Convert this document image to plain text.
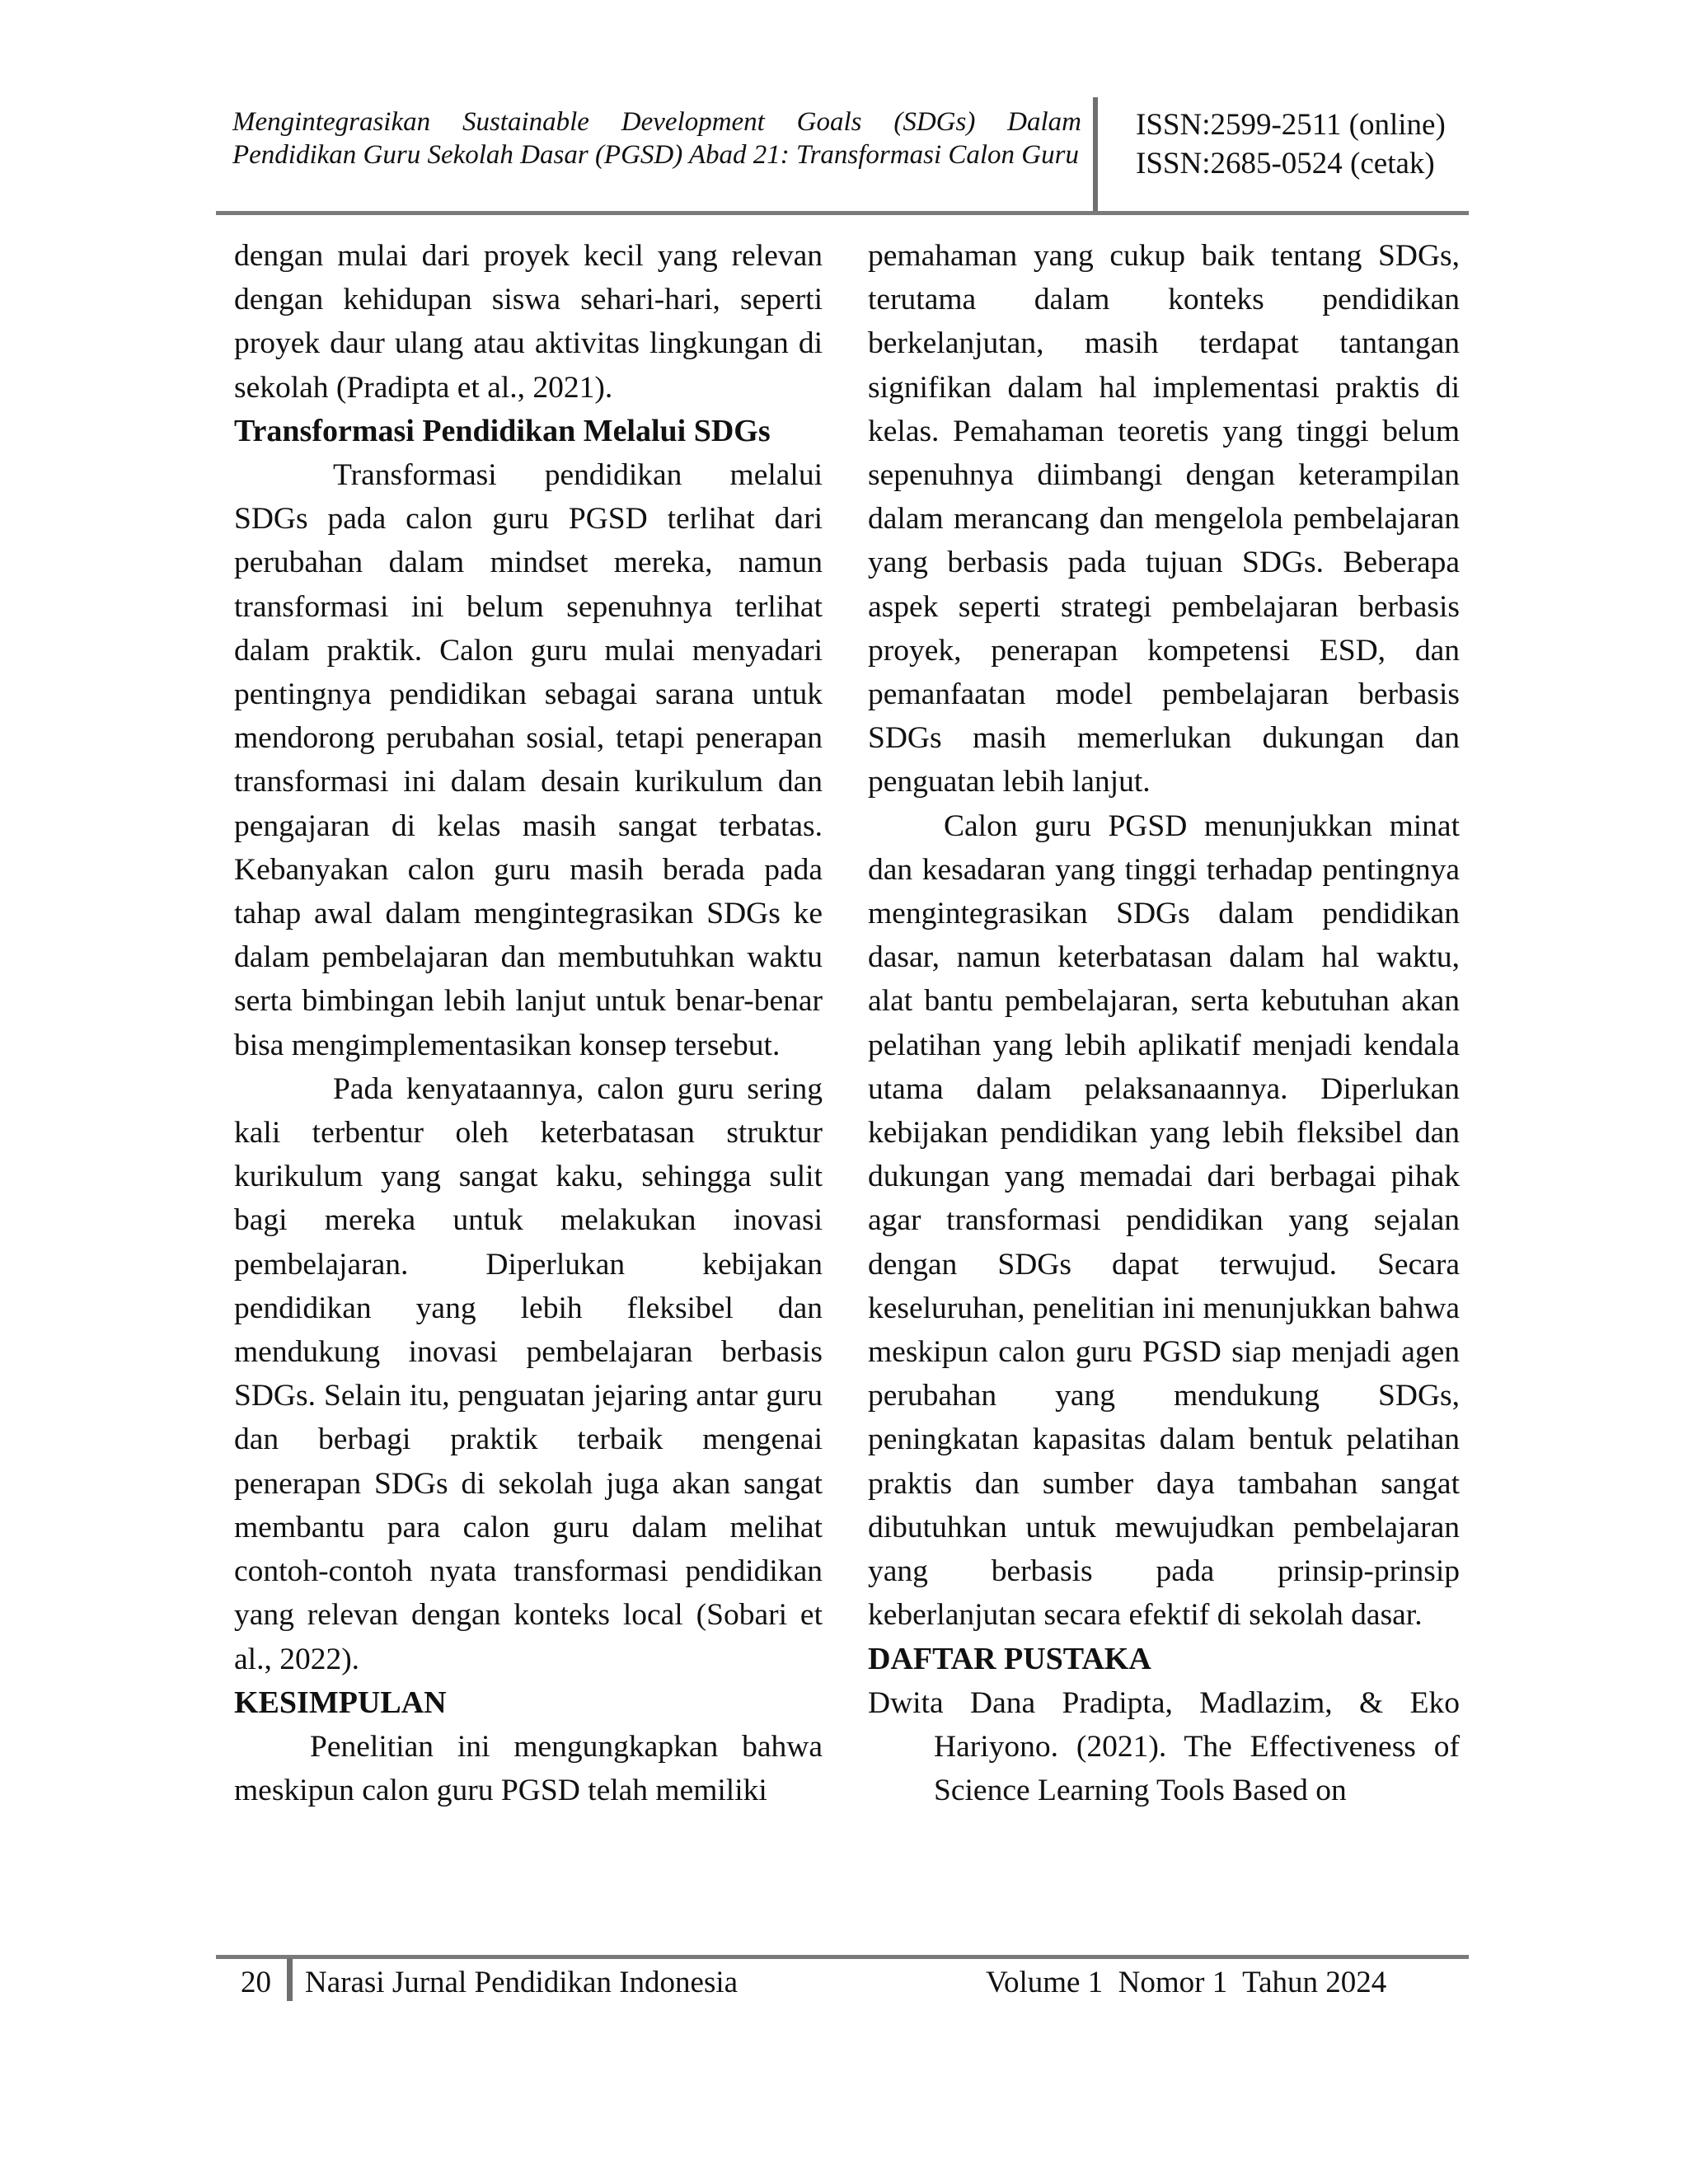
Mengintegrasikan Sustainable Development Goals (SDGs) Dalam Pendidikan Guru Sekolah Dasar (PGSD) Abad 21: Transformasi Calon Guru
ISSN:2599-2511 (online)
ISSN:2685-0524 (cetak)

dengan mulai dari proyek kecil yang relevan dengan kehidupan siswa sehari-hari, seperti proyek daur ulang atau aktivitas lingkungan di sekolah (Pradipta et al., 2021).

Transformasi Pendidikan Melalui SDGs

Transformasi pendidikan melalui SDGs pada calon guru PGSD terlihat dari perubahan dalam mindset mereka, namun transformasi ini belum sepenuhnya terlihat dalam praktik. Calon guru mulai menyadari pentingnya pendidikan sebagai sarana untuk mendorong perubahan sosial, tetapi penerapan transformasi ini dalam desain kurikulum dan pengajaran di kelas masih sangat terbatas. Kebanyakan calon guru masih berada pada tahap awal dalam mengintegrasikan SDGs ke dalam pembelajaran dan membutuhkan waktu serta bimbingan lebih lanjut untuk benar-benar bisa mengimplementasikan konsep tersebut.

Pada kenyataannya, calon guru sering kali terbentur oleh keterbatasan struktur kurikulum yang sangat kaku, sehingga sulit bagi mereka untuk melakukan inovasi pembelajaran. Diperlukan kebijakan pendidikan yang lebih fleksibel dan mendukung inovasi pembelajaran berbasis SDGs. Selain itu, penguatan jejaring antar guru dan berbagi praktik terbaik mengenai penerapan SDGs di sekolah juga akan sangat membantu para calon guru dalam melihat contoh-contoh nyata transformasi pendidikan yang relevan dengan konteks local (Sobari et al., 2022).

KESIMPULAN

Penelitian ini mengungkapkan bahwa meskipun calon guru PGSD telah memiliki

pemahaman yang cukup baik tentang SDGs, terutama dalam konteks pendidikan berkelanjutan, masih terdapat tantangan signifikan dalam hal implementasi praktis di kelas. Pemahaman teoretis yang tinggi belum sepenuhnya diimbangi dengan keterampilan dalam merancang dan mengelola pembelajaran yang berbasis pada tujuan SDGs. Beberapa aspek seperti strategi pembelajaran berbasis proyek, penerapan kompetensi ESD, dan pemanfaatan model pembelajaran berbasis SDGs masih memerlukan dukungan dan penguatan lebih lanjut.

Calon guru PGSD menunjukkan minat dan kesadaran yang tinggi terhadap pentingnya mengintegrasikan SDGs dalam pendidikan dasar, namun keterbatasan dalam hal waktu, alat bantu pembelajaran, serta kebutuhan akan pelatihan yang lebih aplikatif menjadi kendala utama dalam pelaksanaannya. Diperlukan kebijakan pendidikan yang lebih fleksibel dan dukungan yang memadai dari berbagai pihak agar transformasi pendidikan yang sejalan dengan SDGs dapat terwujud. Secara keseluruhan, penelitian ini menunjukkan bahwa meskipun calon guru PGSD siap menjadi agen perubahan yang mendukung SDGs, peningkatan kapasitas dalam bentuk pelatihan praktis dan sumber daya tambahan sangat dibutuhkan untuk mewujudkan pembelajaran yang berbasis pada prinsip-prinsip keberlanjutan secara efektif di sekolah dasar.

DAFTAR PUSTAKA

Dwita Dana Pradipta, Madlazim, & Eko Hariyono. (2021). The Effectiveness of Science Learning Tools Based on

20 Narasi Jurnal Pendidikan Indonesia	Volume 1  Nomor 1  Tahun 2024
